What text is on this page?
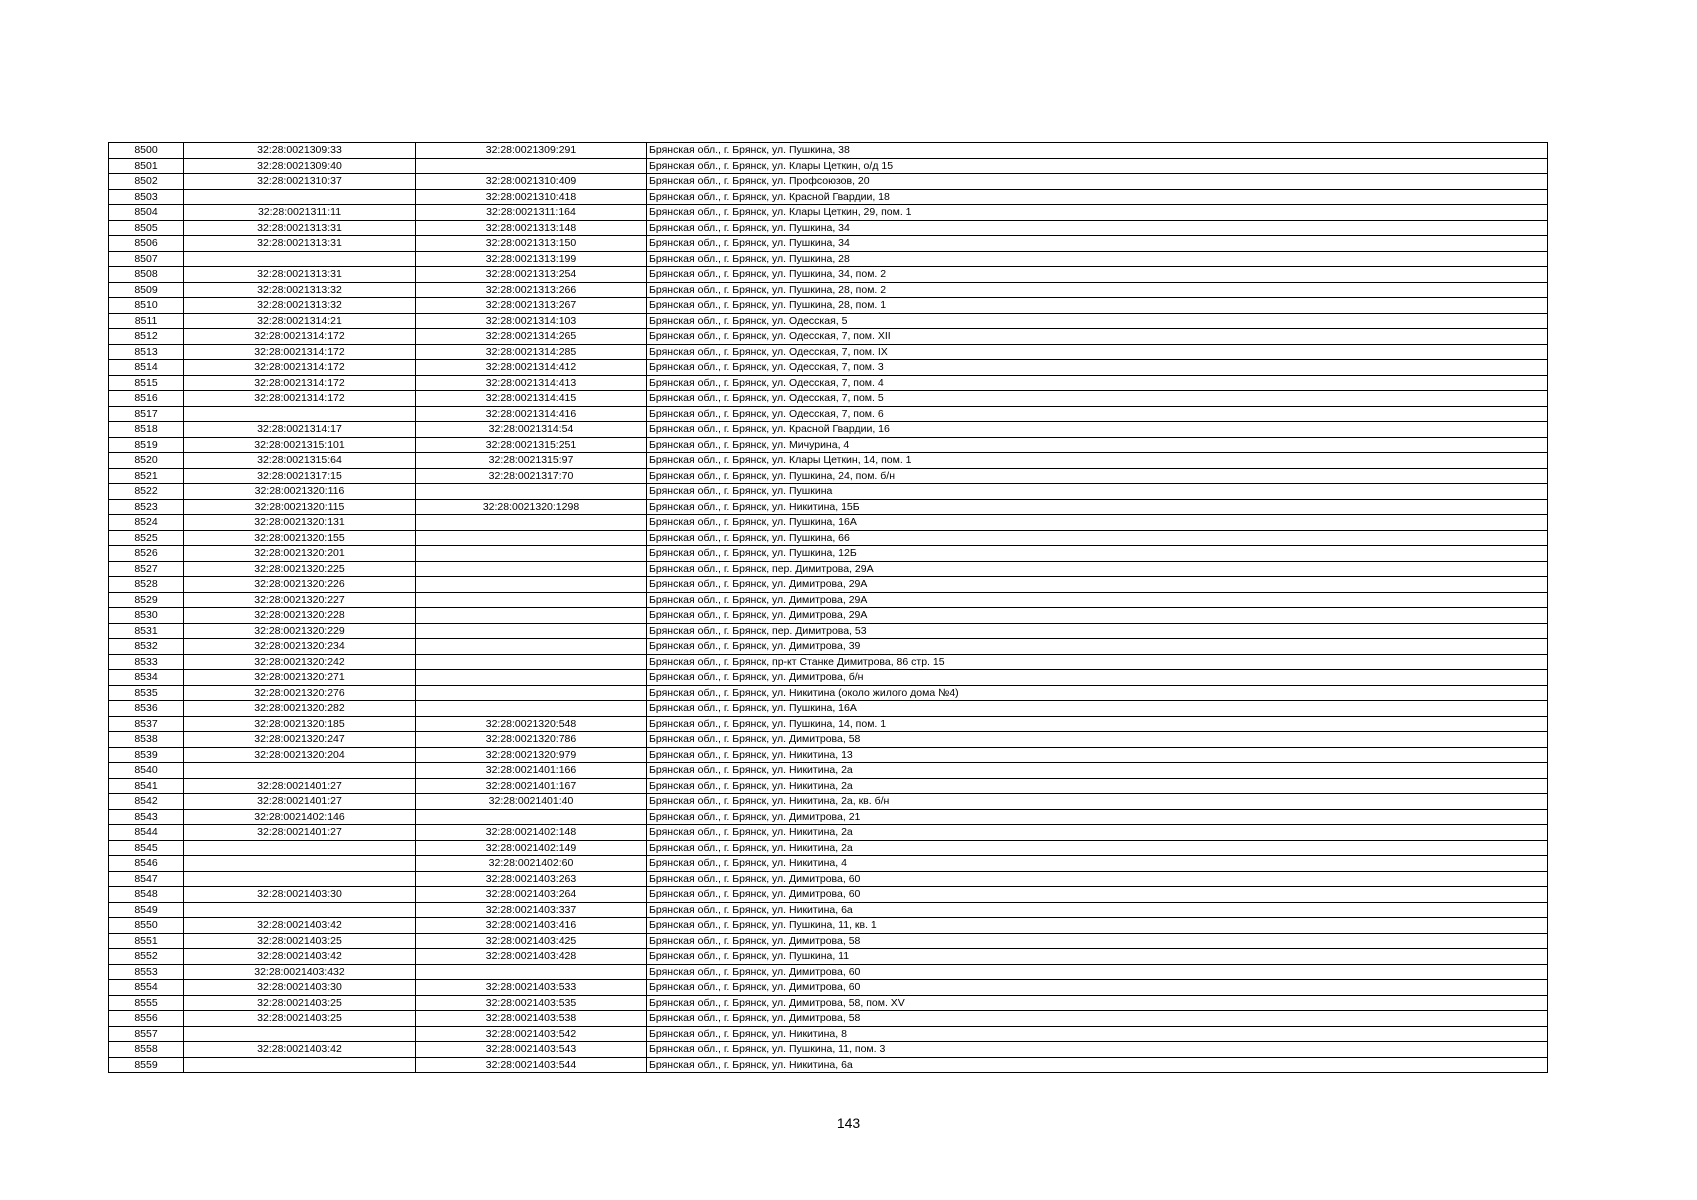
8500	32:28:0021309:33	32:28:0021309:291	Брянская обл., г. Брянск, ул. Пушкина, 38
8501	32:28:0021309:40		Брянская обл., г. Брянск, ул. Клары Цеткин, о/д 15
8502	32:28:0021310:37	32:28:0021310:409	Брянская обл., г. Брянск, ул. Профсоюзов, 20
8503		32:28:0021310:418	Брянская обл., г. Брянск, ул. Красной Гвардии, 18
8504	32:28:0021311:11	32:28:0021311:164	Брянская обл., г. Брянск, ул. Клары Цеткин, 29, пом. 1
8505	32:28:0021313:31	32:28:0021313:148	Брянская обл., г. Брянск, ул. Пушкина, 34
8506	32:28:0021313:31	32:28:0021313:150	Брянская обл., г. Брянск, ул. Пушкина, 34
8507		32:28:0021313:199	Брянская обл., г. Брянск, ул. Пушкина, 28
8508	32:28:0021313:31	32:28:0021313:254	Брянская обл., г. Брянск, ул. Пушкина, 34, пом. 2
8509	32:28:0021313:32	32:28:0021313:266	Брянская обл., г. Брянск, ул. Пушкина, 28, пом. 2
8510	32:28:0021313:32	32:28:0021313:267	Брянская обл., г. Брянск, ул. Пушкина, 28, пом. 1
8511	32:28:0021314:21	32:28:0021314:103	Брянская обл., г. Брянск, ул. Одесская, 5
8512	32:28:0021314:172	32:28:0021314:265	Брянская обл., г. Брянск, ул. Одесская, 7, пом. XII
8513	32:28:0021314:172	32:28:0021314:285	Брянская обл., г. Брянск, ул. Одесская, 7, пом. IX
8514	32:28:0021314:172	32:28:0021314:412	Брянская обл., г. Брянск, ул. Одесская, 7, пом. 3
8515	32:28:0021314:172	32:28:0021314:413	Брянская обл., г. Брянск, ул. Одесская, 7, пом. 4
8516	32:28:0021314:172	32:28:0021314:415	Брянская обл., г. Брянск, ул. Одесская, 7, пом. 5
8517		32:28:0021314:416	Брянская обл., г. Брянск, ул. Одесская, 7, пом. 6
8518	32:28:0021314:17	32:28:0021314:54	Брянская обл., г. Брянск, ул. Красной Гвардии, 16
8519	32:28:0021315:101	32:28:0021315:251	Брянская обл., г. Брянск, ул. Мичурина, 4
8520	32:28:0021315:64	32:28:0021315:97	Брянская обл., г. Брянск, ул. Клары Цеткин, 14, пом. 1
8521	32:28:0021317:15	32:28:0021317:70	Брянская обл., г. Брянск, ул. Пушкина, 24, пом. б/н
8522	32:28:0021320:116		Брянская обл., г. Брянск, ул. Пушкина
8523	32:28:0021320:115	32:28:0021320:1298	Брянская обл., г. Брянск, ул. Никитина, 15Б
8524	32:28:0021320:131		Брянская обл., г. Брянск, ул. Пушкина, 16А
8525	32:28:0021320:155		Брянская обл., г. Брянск, ул. Пушкина, 66
8526	32:28:0021320:201		Брянская обл., г. Брянск, ул. Пушкина, 12Б
8527	32:28:0021320:225		Брянская обл., г. Брянск, пер. Димитрова, 29А
8528	32:28:0021320:226		Брянская обл., г. Брянск, ул. Димитрова, 29А
8529	32:28:0021320:227		Брянская обл., г. Брянск, ул. Димитрова, 29А
8530	32:28:0021320:228		Брянская обл., г. Брянск, ул. Димитрова, 29А
8531	32:28:0021320:229		Брянская обл., г. Брянск, пер. Димитрова, 53
8532	32:28:0021320:234		Брянская обл., г. Брянск, ул. Димитрова, 39
8533	32:28:0021320:242		Брянская обл., г. Брянск, пр-кт Станке Димитрова, 86 стр. 15
8534	32:28:0021320:271		Брянская обл., г. Брянск, ул. Димитрова, б/н
8535	32:28:0021320:276		Брянская обл., г. Брянск, ул. Никитина (около жилого дома №4)
8536	32:28:0021320:282		Брянская обл., г. Брянск, ул. Пушкина, 16А
8537	32:28:0021320:185	32:28:0021320:548	Брянская обл., г. Брянск, ул. Пушкина, 14, пом. 1
8538	32:28:0021320:247	32:28:0021320:786	Брянская обл., г. Брянск, ул. Димитрова, 58
8539	32:28:0021320:204	32:28:0021320:979	Брянская обл., г. Брянск, ул. Никитина, 13
8540		32:28:0021401:166	Брянская обл., г. Брянск, ул. Никитина, 2а
8541	32:28:0021401:27	32:28:0021401:167	Брянская обл., г. Брянск, ул. Никитина, 2а
8542	32:28:0021401:27	32:28:0021401:40	Брянская обл., г. Брянск, ул. Никитина, 2а, кв. б/н
8543	32:28:0021402:146		Брянская обл., г. Брянск, ул. Димитрова, 21
8544	32:28:0021401:27	32:28:0021402:148	Брянская обл., г. Брянск, ул. Никитина, 2а
8545		32:28:0021402:149	Брянская обл., г. Брянск, ул. Никитина, 2а
8546		32:28:0021402:60	Брянская обл., г. Брянск, ул. Никитина, 4
8547		32:28:0021403:263	Брянская обл., г. Брянск, ул. Димитрова, 60
8548	32:28:0021403:30	32:28:0021403:264	Брянская обл., г. Брянск, ул. Димитрова, 60
8549		32:28:0021403:337	Брянская обл., г. Брянск, ул. Никитина, 6а
8550	32:28:0021403:42	32:28:0021403:416	Брянская обл., г. Брянск, ул. Пушкина, 11, кв. 1
8551	32:28:0021403:25	32:28:0021403:425	Брянская обл., г. Брянск, ул. Димитрова, 58
8552	32:28:0021403:42	32:28:0021403:428	Брянская обл., г. Брянск, ул. Пушкина, 11
8553	32:28:0021403:432		Брянская обл., г. Брянск, ул. Димитрова, 60
8554	32:28:0021403:30	32:28:0021403:533	Брянская обл., г. Брянск, ул. Димитрова, 60
8555	32:28:0021403:25	32:28:0021403:535	Брянская обл., г. Брянск, ул. Димитрова, 58, пом. XV
8556	32:28:0021403:25	32:28:0021403:538	Брянская обл., г. Брянск, ул. Димитрова, 58
8557		32:28:0021403:542	Брянская обл., г. Брянск, ул. Никитина, 8
8558	32:28:0021403:42	32:28:0021403:543	Брянская обл., г. Брянск, ул. Пушкина, 11, пом. 3
8559		32:28:0021403:544	Брянская обл., г. Брянск, ул. Никитина, 6а
143
